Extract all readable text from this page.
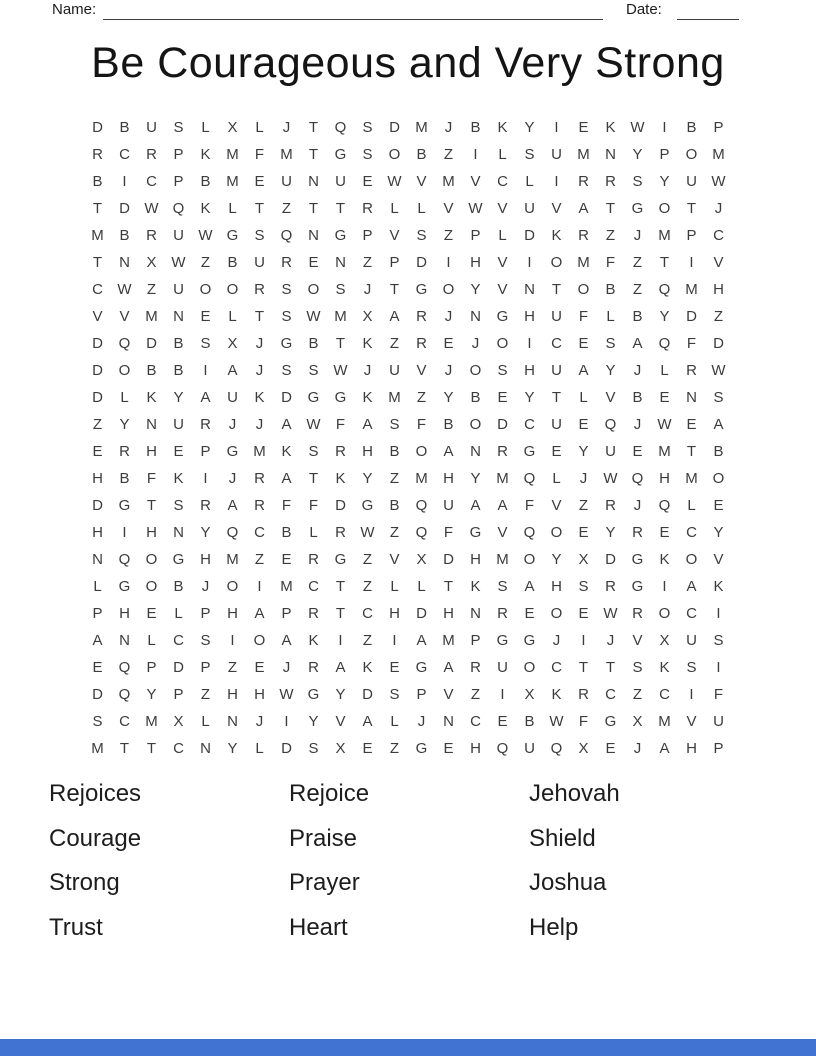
Name:	Date:
Be Courageous and Very Strong
D	B	U	S	L	X	L	J	T	Q	S	D	M	J	B	K	Y	I	E	K W	I	B	P
R	C	R	P	K	M	F	M	T	G	S	O	B	Z	I	L	S	U	M	N	Y	P	O M
B	I	C	P	B	M	E	U	N	U	E W V	M	V	C	L	I	R	R	S	Y	U W
T	D W Q	K	L	T	Z	T	T	R	L	L	V W V	U	V	A	T	G	O	T	J
M	B	R	U W G	S	Q	N	G	P	V	S	Z	P	L	D	K	R	Z	J	M	P	C
T	N	X W	Z	B	U	R	E	N	Z	P	D	I	H	V	I	O M	F	Z	T	I	V
C W	Z	U	O	O	R	S	O	S	J	T	G	O	Y	V	N	T	O	B	Z	Q M	H
V	V	M	N	E	L	T	S W M	X	A	R	J	N	G	H	U	F	L	B	Y	D	Z
D	Q	D	B	S	X	J	G	B	T	K	Z	R	E	J	O	I	C	E	S	A	Q	F	D
D	O	B	B	I	A	J	S	S W	J	U	V	J	O	S	H	U	A	Y	J	L	R W
D	L	K	Y	A	U	K	D	G	G	K	M	Z	Y	B	E	Y	T	L	V	B	E	N	S
Z	Y	N	U	R	J	J	A W	F	A	S	F	B	O	D	C	U	E	Q	J	W E	A
E	R	H	E	P	G M	K	S	R	H	B	O	A	N	R	G	E	Y	U	E	M	T	B
H	B	F	K	I	J	R	A	T	K	Y	Z	M	H	Y	M Q	L	J	W Q	H	M O
D	G	T	S	R	A	R	F	F	D	G	B	Q	U	A	A	F	V	Z	R	J	Q	L	E
H	I	H	N	Y	Q	C	B	L	R W	Z	Q	F	G	V	Q	O	E	Y	R	E	C	Y
N	Q	O	G	H	M	Z	E	R	G	Z	V	X	D	H	M O	Y	X	D	G	K	O	V
L	G	O	B	J	O	I	M	C	T	Z	L	L	T	K	S	A	H	S	R	G	I	A	K
P	H	E	L	P	H	A	P	R	T	C	H	D	H	N	R	E	O	E W R	O	C	I
A	N	L	C	S	I	O	A	K	I	Z	I	A	M	P	G	G	J	I	J	V	X	U	S
E	Q	P	D	P	Z	E	J	R	A	K	E	G	A	R	U	O	C	T	T	S	K	S	I
D	Q	Y	P	Z	H	H W G	Y	D	S	P	V	Z	I	X	K	R	C	Z	C	I	F
S	C	M	X	L	N	J	I	Y	V	A	L	J	N	C	E	B W	F	G	X	M	V	U
M	T	T	C	N	Y	L	D	S	X	E	Z	G	E	H	Q	U	Q	X	E	J	A	H	P
Rejoices
Courage
Strong
Trust
Rejoice
Praise
Prayer
Heart
Jehovah
Shield
Joshua
Help
